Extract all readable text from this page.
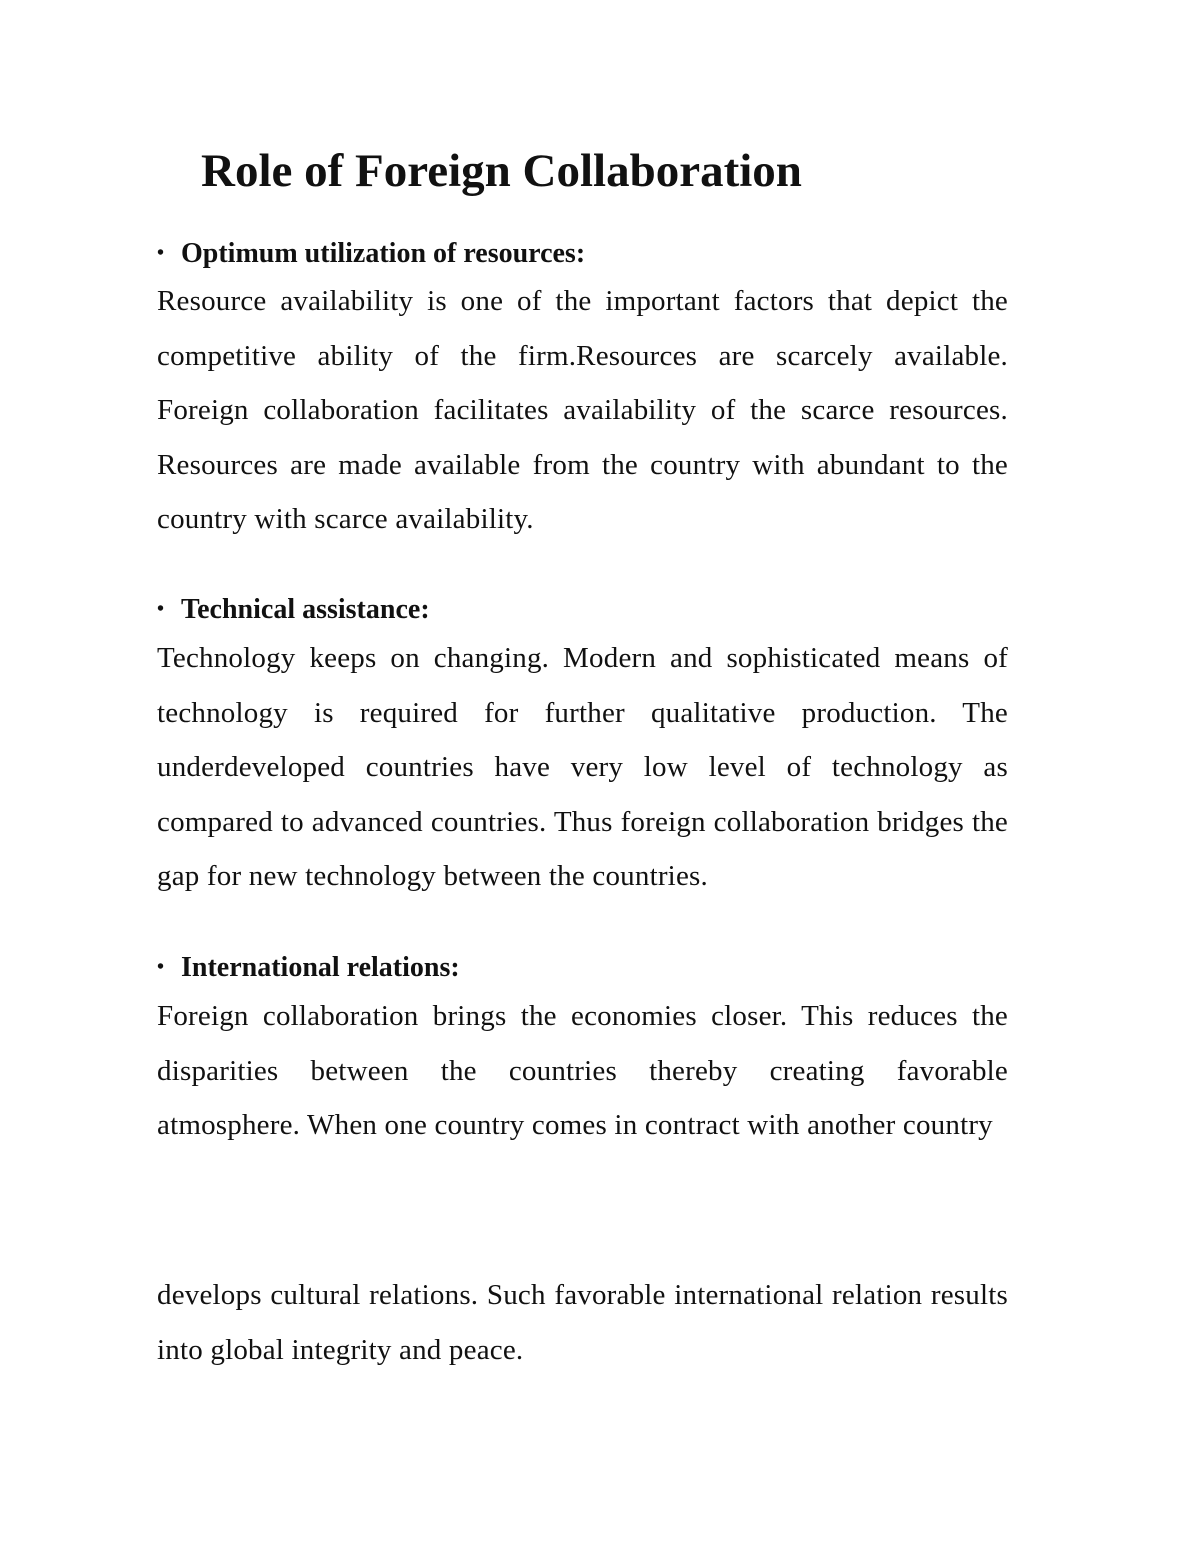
Role of Foreign Collaboration
• Optimum utilization of resources:

Resource availability is one of the important factors that depict the competitive ability of the firm.Resources are scarcely available. Foreign collaboration facilitates availability of the scarce resources. Resources are made available from the country with abundant to the country with scarce availability.

• Technical assistance:

Technology keeps on changing. Modern and sophisticated means of technology is required for further qualitative production. The underdeveloped countries have very low level of technology as compared to advanced countries. Thus foreign collaboration bridges the gap for new technology between the countries.

• International relations:

Foreign collaboration brings the economies closer. This reduces the disparities between the countries thereby creating favorable atmosphere. When one country comes in contract with another country

develops cultural relations. Such favorable international relation results into global integrity and peace.
